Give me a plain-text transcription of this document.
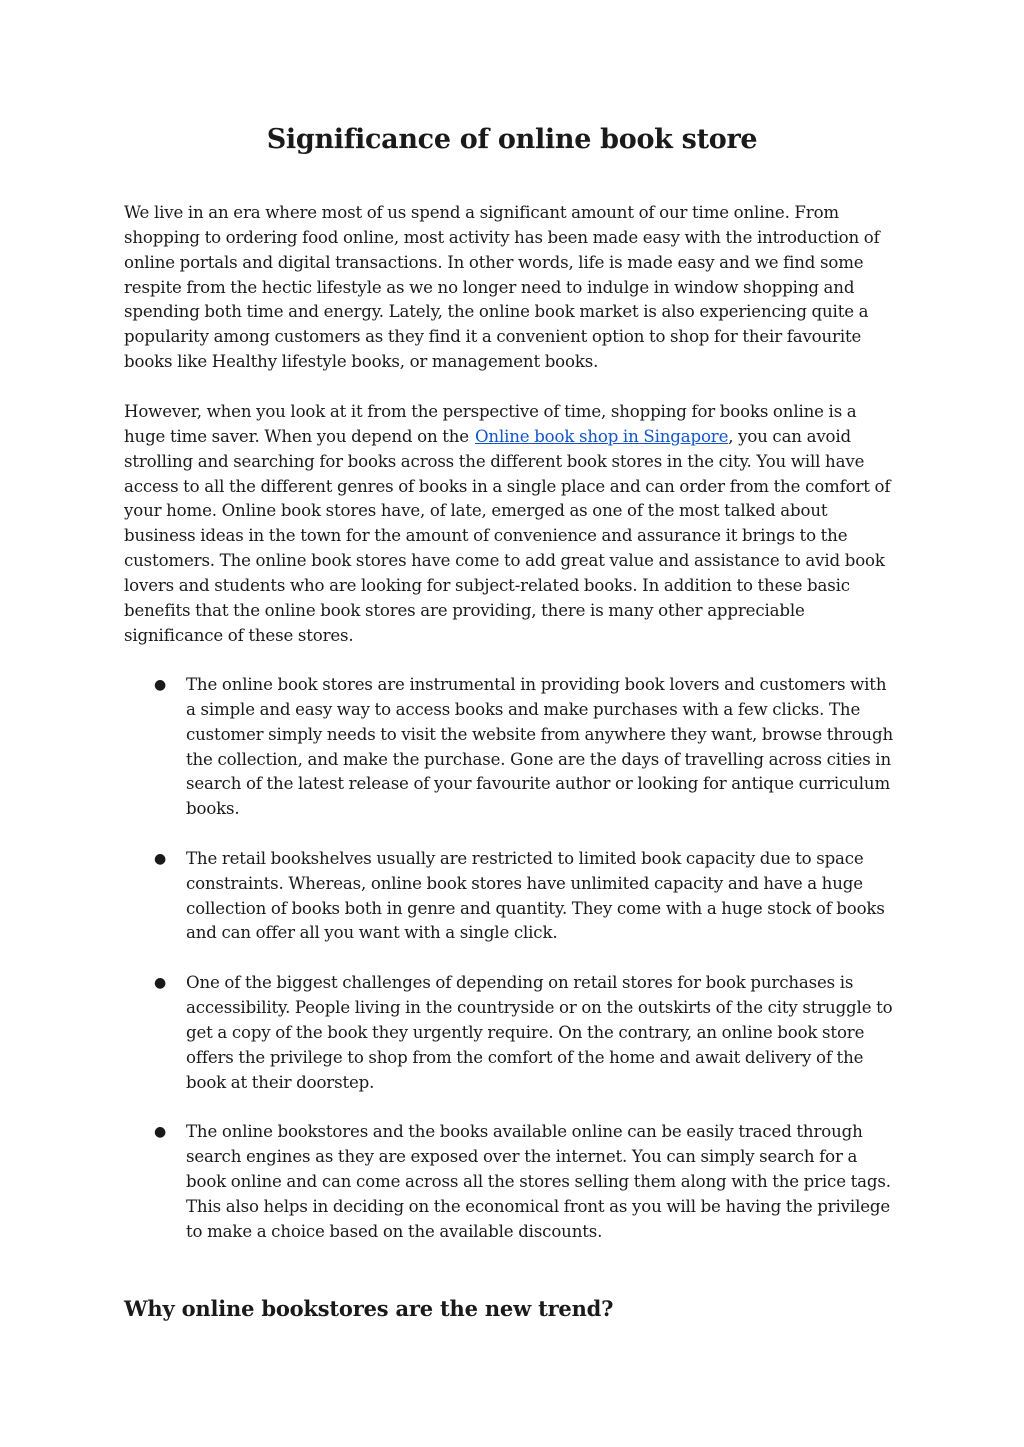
Significance of online book store

We live in an era where most of us spend a significant amount of our time online. From shopping to ordering food online, most activity has been made easy with the introduction of online portals and digital transactions. In other words, life is made easy and we find some respite from the hectic lifestyle as we no longer need to indulge in window shopping and spending both time and energy. Lately, the online book market is also experiencing quite a popularity among customers as they find it a convenient option to shop for their favourite books like Healthy lifestyle books, or management books.

However, when you look at it from the perspective of time, shopping for books online is a huge time saver. When you depend on the Online book shop in Singapore, you can avoid strolling and searching for books across the different book stores in the city. You will have access to all the different genres of books in a single place and can order from the comfort of your home. Online book stores have, of late, emerged as one of the most talked about business ideas in the town for the amount of convenience and assurance it brings to the customers. The online book stores have come to add great value and assistance to avid book lovers and students who are looking for subject-related books. In addition to these basic benefits that the online book stores are providing, there is many other appreciable significance of these stores.

● The online book stores are instrumental in providing book lovers and customers with a simple and easy way to access books and make purchases with a few clicks. The customer simply needs to visit the website from anywhere they want, browse through the collection, and make the purchase. Gone are the days of travelling across cities in search of the latest release of your favourite author or looking for antique curriculum books.
● The retail bookshelves usually are restricted to limited book capacity due to space constraints. Whereas, online book stores have unlimited capacity and have a huge collection of books both in genre and quantity. They come with a huge stock of books and can offer all you want with a single click.
● One of the biggest challenges of depending on retail stores for book purchases is accessibility. People living in the countryside or on the outskirts of the city struggle to get a copy of the book they urgently require. On the contrary, an online book store offers the privilege to shop from the comfort of the home and await delivery of the book at their doorstep.
● The online bookstores and the books available online can be easily traced through search engines as they are exposed over the internet. You can simply search for a book online and can come across all the stores selling them along with the price tags. This also helps in deciding on the economical front as you will be having the privilege to make a choice based on the available discounts.
Why online bookstores are the new trend?
